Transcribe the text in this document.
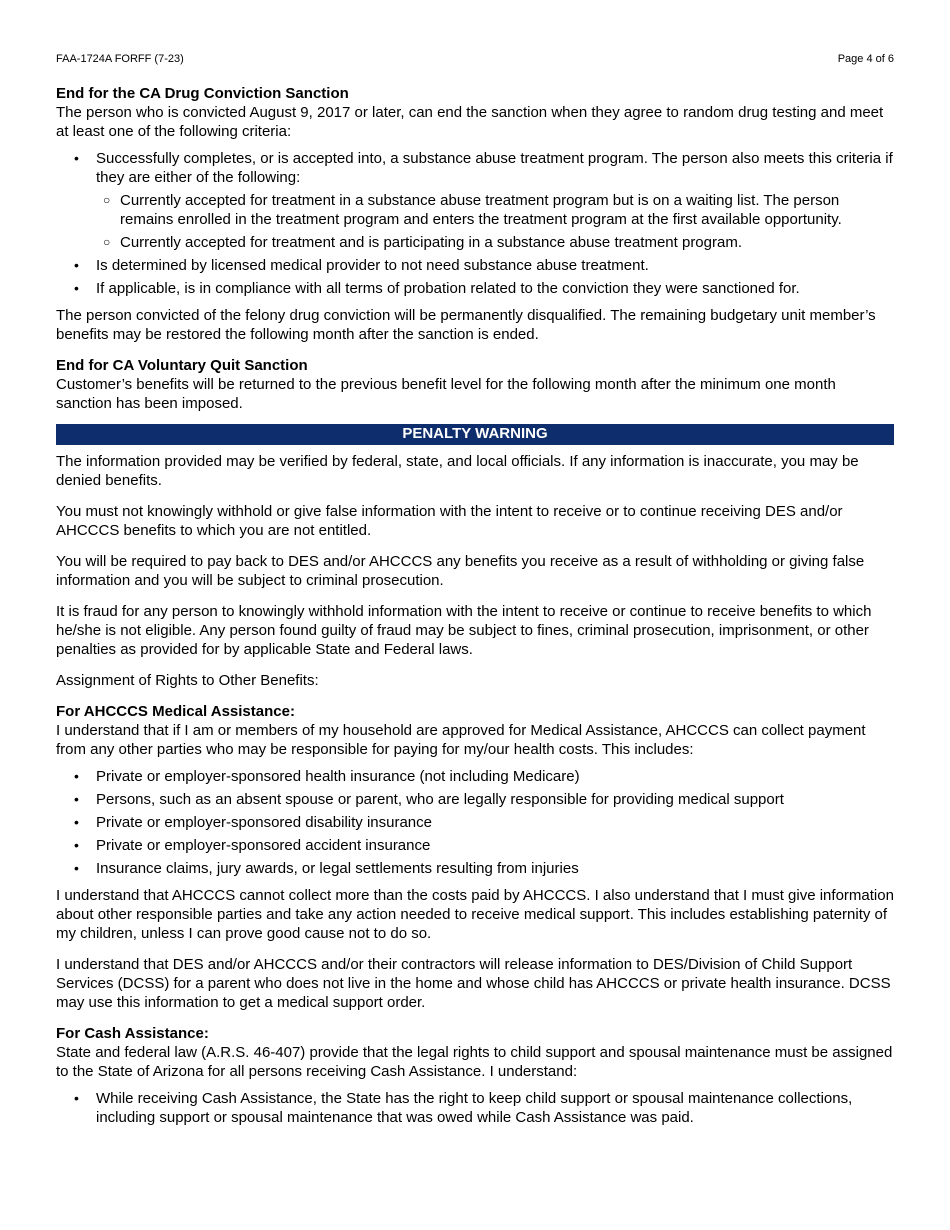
FAA-1724A FORFF (7-23)	Page 4 of 6
End for the CA Drug Conviction Sanction

The person who is convicted August 9, 2017 or later, can end the sanction when they agree to random drug testing and meet at least one of the following criteria:

• Successfully completes, or is accepted into, a substance abuse treatment program. The person also meets this criteria if they are either of the following:
○ Currently accepted for treatment in a substance abuse treatment program but is on a waiting list. The person remains enrolled in the treatment program and enters the treatment program at the first available opportunity.
○ Currently accepted for treatment and is participating in a substance abuse treatment program.
• Is determined by licensed medical provider to not need substance abuse treatment.
• If applicable, is in compliance with all terms of probation related to the conviction they were sanctioned for.

The person convicted of the felony drug conviction will be permanently disqualified. The remaining budgetary unit member’s benefits may be restored the following month after the sanction is ended.

End for CA Voluntary Quit Sanction

Customer’s benefits will be returned to the previous benefit level for the following month after the minimum one month sanction has been imposed.

PENALTY WARNING

The information provided may be verified by federal, state, and local officials. If any information is inaccurate, you may be denied benefits.

You must not knowingly withhold or give false information with the intent to receive or to continue receiving DES and/or AHCCCS benefits to which you are not entitled.

You will be required to pay back to DES and/or AHCCCS any benefits you receive as a result of withholding or giving false information and you will be subject to criminal prosecution.

It is fraud for any person to knowingly withhold information with the intent to receive or continue to receive benefits to which he/she is not eligible. Any person found guilty of fraud may be subject to fines, criminal prosecution, imprisonment, or other penalties as provided for by applicable State and Federal laws.

Assignment of Rights to Other Benefits:

For AHCCCS Medical Assistance:

I understand that if I am or members of my household are approved for Medical Assistance, AHCCCS can collect payment from any other parties who may be responsible for paying for my/our health costs. This includes:

• Private or employer-sponsored health insurance (not including Medicare)
• Persons, such as an absent spouse or parent, who are legally responsible for providing medical support
• Private or employer-sponsored disability insurance
• Private or employer-sponsored accident insurance
• Insurance claims, jury awards, or legal settlements resulting from injuries

I understand that AHCCCS cannot collect more than the costs paid by AHCCCS. I also understand that I must give information about other responsible parties and take any action needed to receive medical support. This includes establishing paternity of my children, unless I can prove good cause not to do so.

I understand that DES and/or AHCCCS and/or their contractors will release information to DES/Division of Child Support Services (DCSS) for a parent who does not live in the home and whose child has AHCCCS or private health insurance. DCSS may use this information to get a medical support order.

For Cash Assistance:

State and federal law (A.R.S. 46-407) provide that the legal rights to child support and spousal maintenance must be assigned to the State of Arizona for all persons receiving Cash Assistance. I understand:

• While receiving Cash Assistance, the State has the right to keep child support or spousal maintenance collections, including support or spousal maintenance that was owed while Cash Assistance was paid.
